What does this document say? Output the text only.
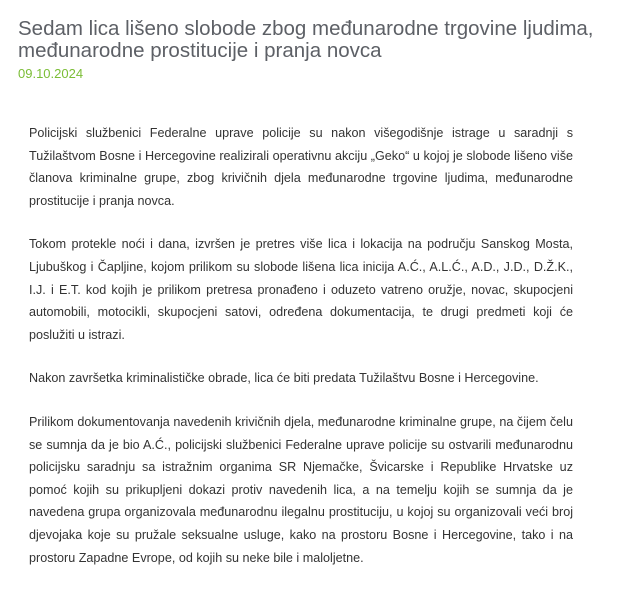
Sedam lica lišeno slobode zbog međunarodne trgovine ljudima, međunarodne prostitucije i pranja novca
09.10.2024

Policijski službenici Federalne uprave policije su nakon višegodišnje istrage u saradnji s Tužilaštvom Bosne i Hercegovine realizirali operativnu akciju „Geko“ u kojoj je slobode lišeno više članova kriminalne grupe, zbog krivičnih djela međunarodne trgovine ljudima, međunarodne prostitucije i pranja novca.

Tokom protekle noći i dana, izvršen je pretres više lica i lokacija na području Sanskog Mosta, Ljubuškog i Čapljine, kojom prilikom su slobode lišena lica inicija A.Ć., A.L.Ć., A.D., J.D., D.Ž.K., I.J. i E.T. kod kojih je prilikom pretresa pronađeno i oduzeto vatreno oružje, novac, skupocjeni automobili, motocikli, skupocjeni satovi, određena dokumentacija, te drugi predmeti koji će poslužiti u istrazi.

Nakon završetka kriminalističke obrade, lica će biti predata Tužilaštvu Bosne i Hercegovine.

Prilikom dokumentovanja navedenih krivičnih djela, međunarodne kriminalne grupe, na čijem čelu se sumnja da je bio A.Ć., policijski službenici Federalne uprave policije su ostvarili međunarodnu policijsku saradnju sa istražnim organima SR Njemačke, Švicarske i Republike Hrvatske uz pomoć kojih su prikupljeni dokazi protiv navedenih lica, a na temelju kojih se sumnja da je navedena grupa organizovala međunarodnu ilegalnu prostituciju, u kojoj su organizovali veći broj djevojaka koje su pružale seksualne usluge, kako na prostoru Bosne i Hercegovine, tako i na prostoru Zapadne Evrope, od kojih su neke bile i maloljetne.
